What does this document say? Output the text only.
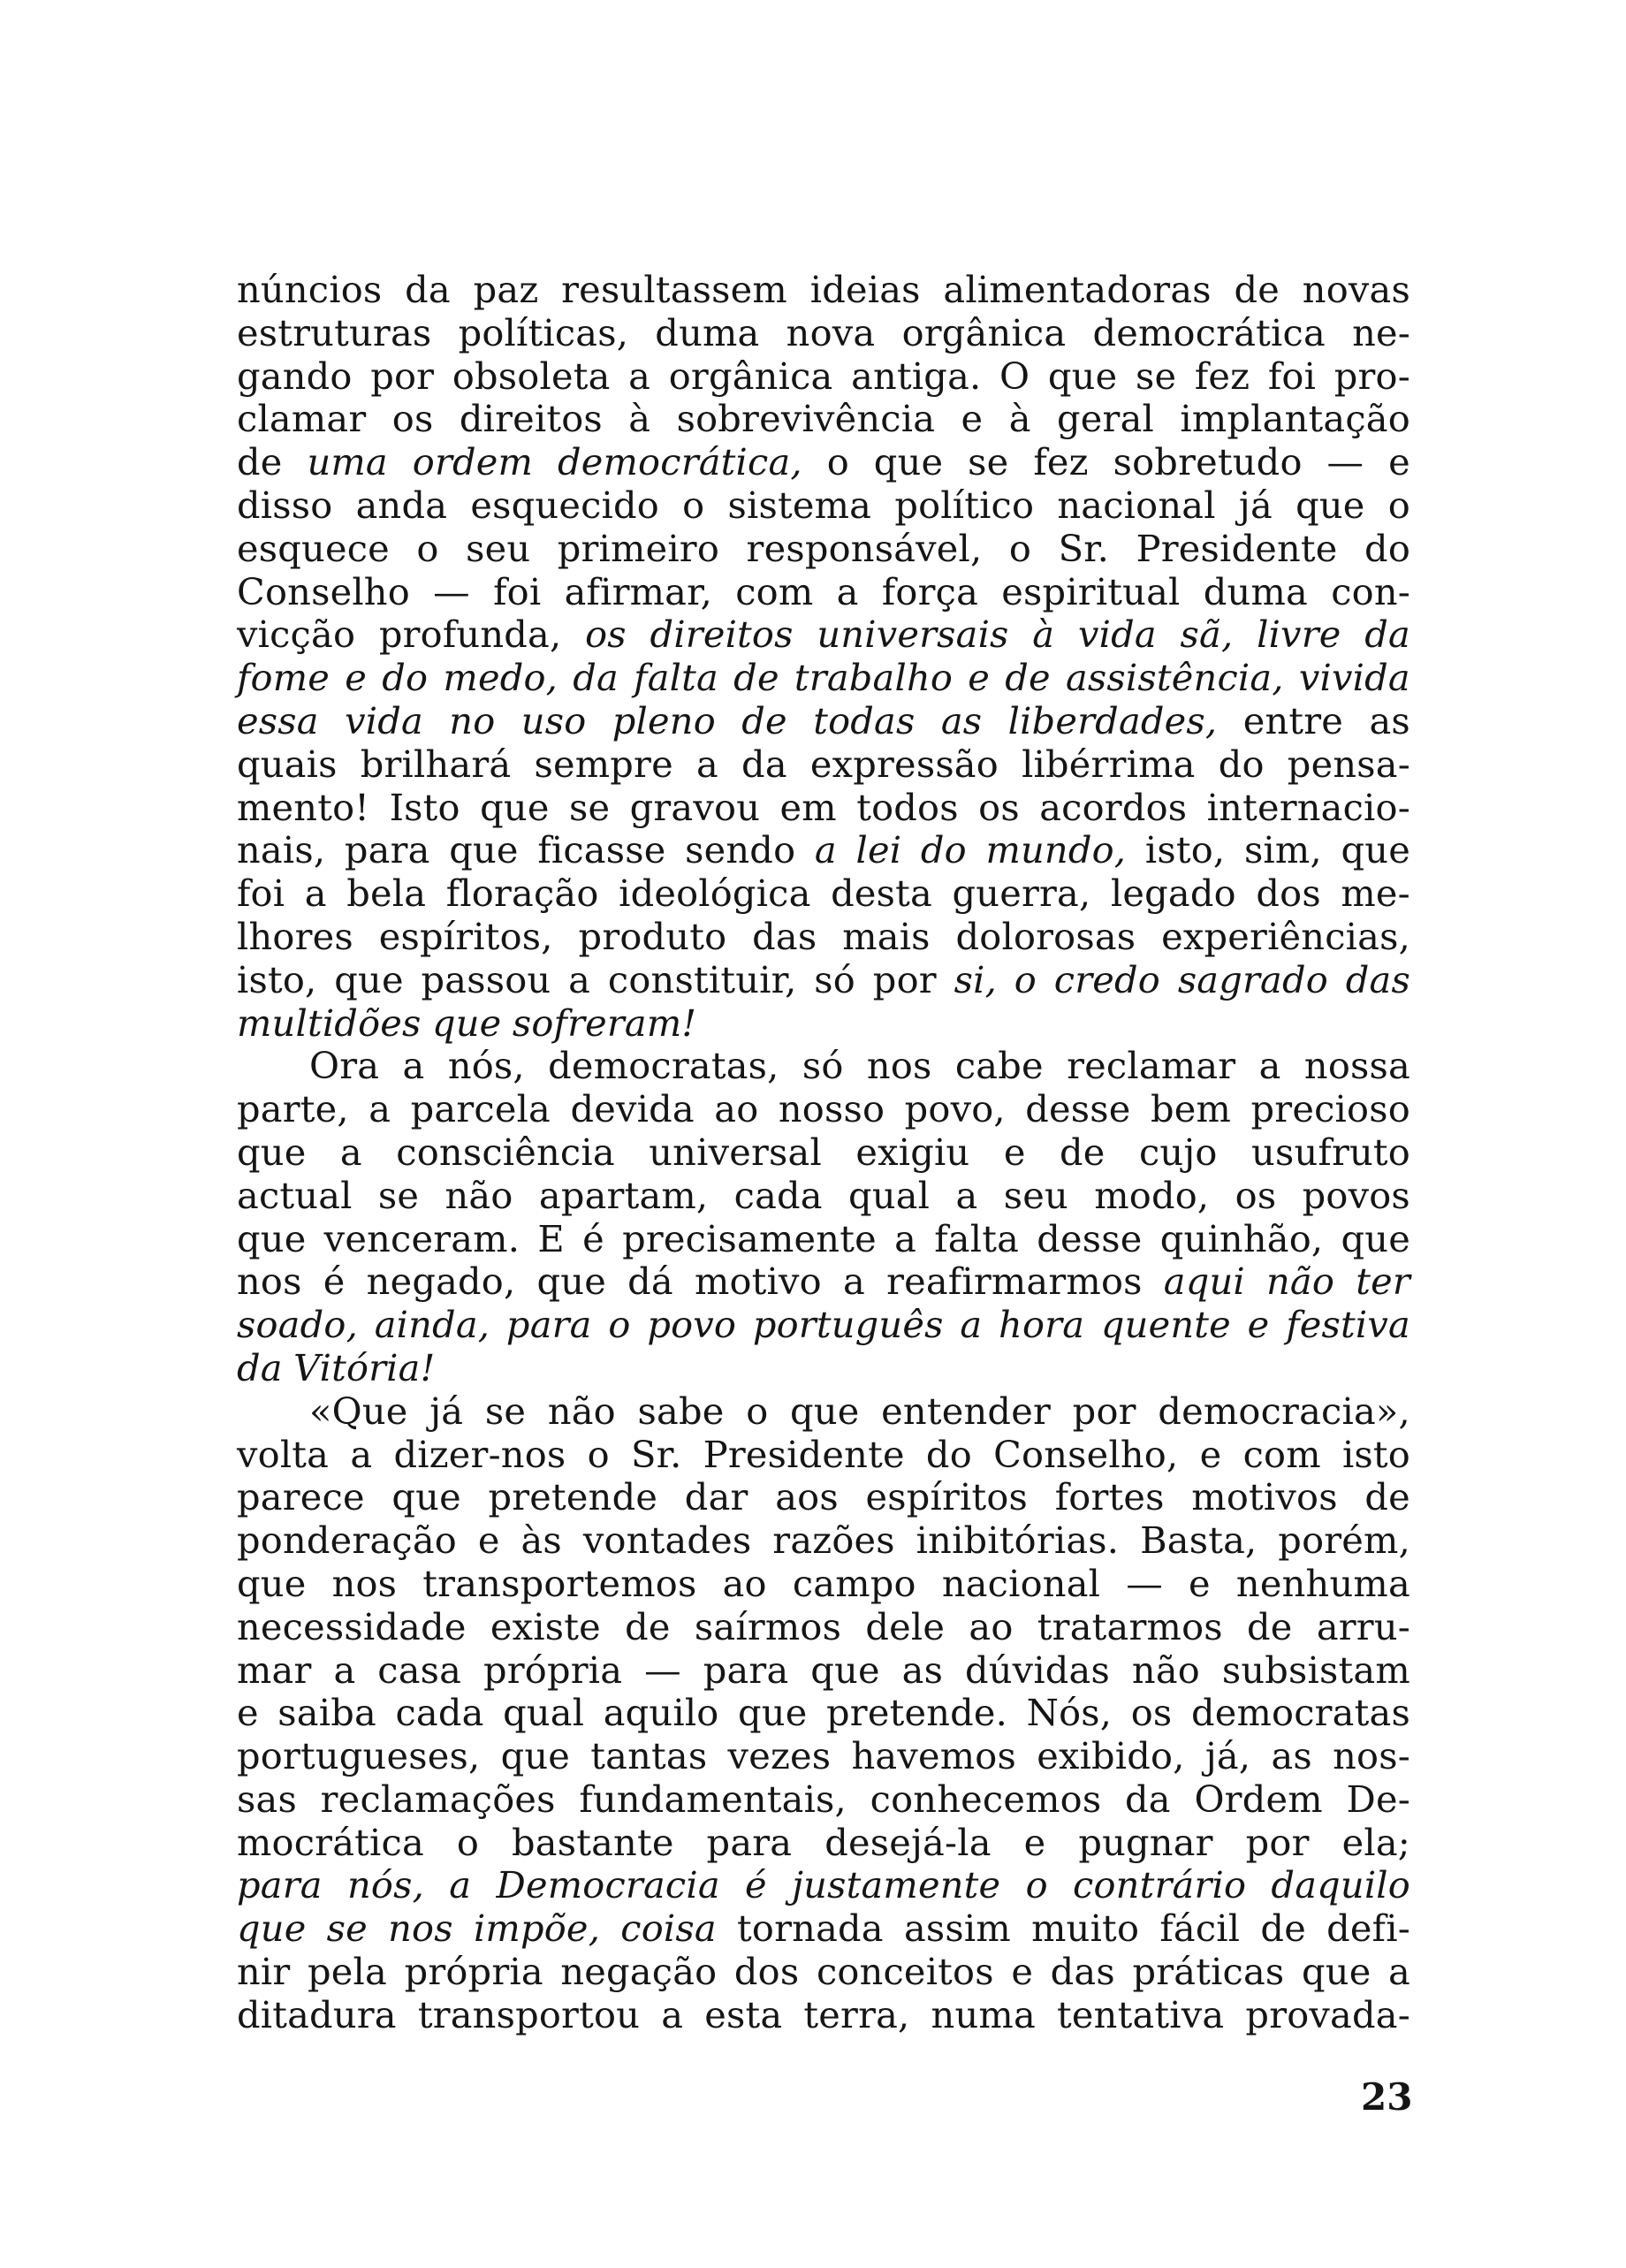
núncios da paz resultassem ideias alimentadoras de novas
estruturas políticas, duma nova orgânica democrática ne-
gando por obsoleta a orgânica antiga. O que se fez foi pro-
clamar os direitos à sobrevivência e à geral implantação
de uma ordem democrática, o que se fez sobretudo — e
disso anda esquecido o sistema político nacional já que o
esquece o seu primeiro responsável, o Sr. Presidente do
Conselho — foi afirmar, com a força espiritual duma con-
vicção profunda, os direitos universais à vida sã, livre da
fome e do medo, da falta de trabalho e de assistência, vivida
essa vida no uso pleno de todas as liberdades, entre as
quais brilhará sempre a da expressão libérrima do pensa-
mento! Isto que se gravou em todos os acordos internacio-
nais, para que ficasse sendo a lei do mundo, isto, sim, que
foi a bela floração ideológica desta guerra, legado dos me-
lhores espíritos, produto das mais dolorosas experiências,
isto, que passou a constituir, só por si, o credo sagrado das
multidões que sofreram!
Ora a nós, democratas, só nos cabe reclamar a nossa
parte, a parcela devida ao nosso povo, desse bem precioso
que a consciência universal exigiu e de cujo usufruto
actual se não apartam, cada qual a seu modo, os povos
que venceram. E é precisamente a falta desse quinhão, que
nos é negado, que dá motivo a reafirmarmos aqui não ter
soado, ainda, para o povo português a hora quente e festiva
da Vitória!
«Que já se não sabe o que entender por democracia»,
volta a dizer-nos o Sr. Presidente do Conselho, e com isto
parece que pretende dar aos espíritos fortes motivos de
ponderação e às vontades razões inibitórias. Basta, porém,
que nos transportemos ao campo nacional — e nenhuma
necessidade existe de saírmos dele ao tratarmos de arru-
mar a casa própria — para que as dúvidas não subsistam
e saiba cada qual aquilo que pretende. Nós, os democratas
portugueses, que tantas vezes havemos exibido, já, as nos-
sas reclamações fundamentais, conhecemos da Ordem De-
mocrática o bastante para desejá-la e pugnar por ela;
para nós, a Democracia é justamente o contrário daquilo
que se nos impõe, coisa tornada assim muito fácil de defi-
nir pela própria negação dos conceitos e das práticas que a
ditadura transportou a esta terra, numa tentativa provada-
23
